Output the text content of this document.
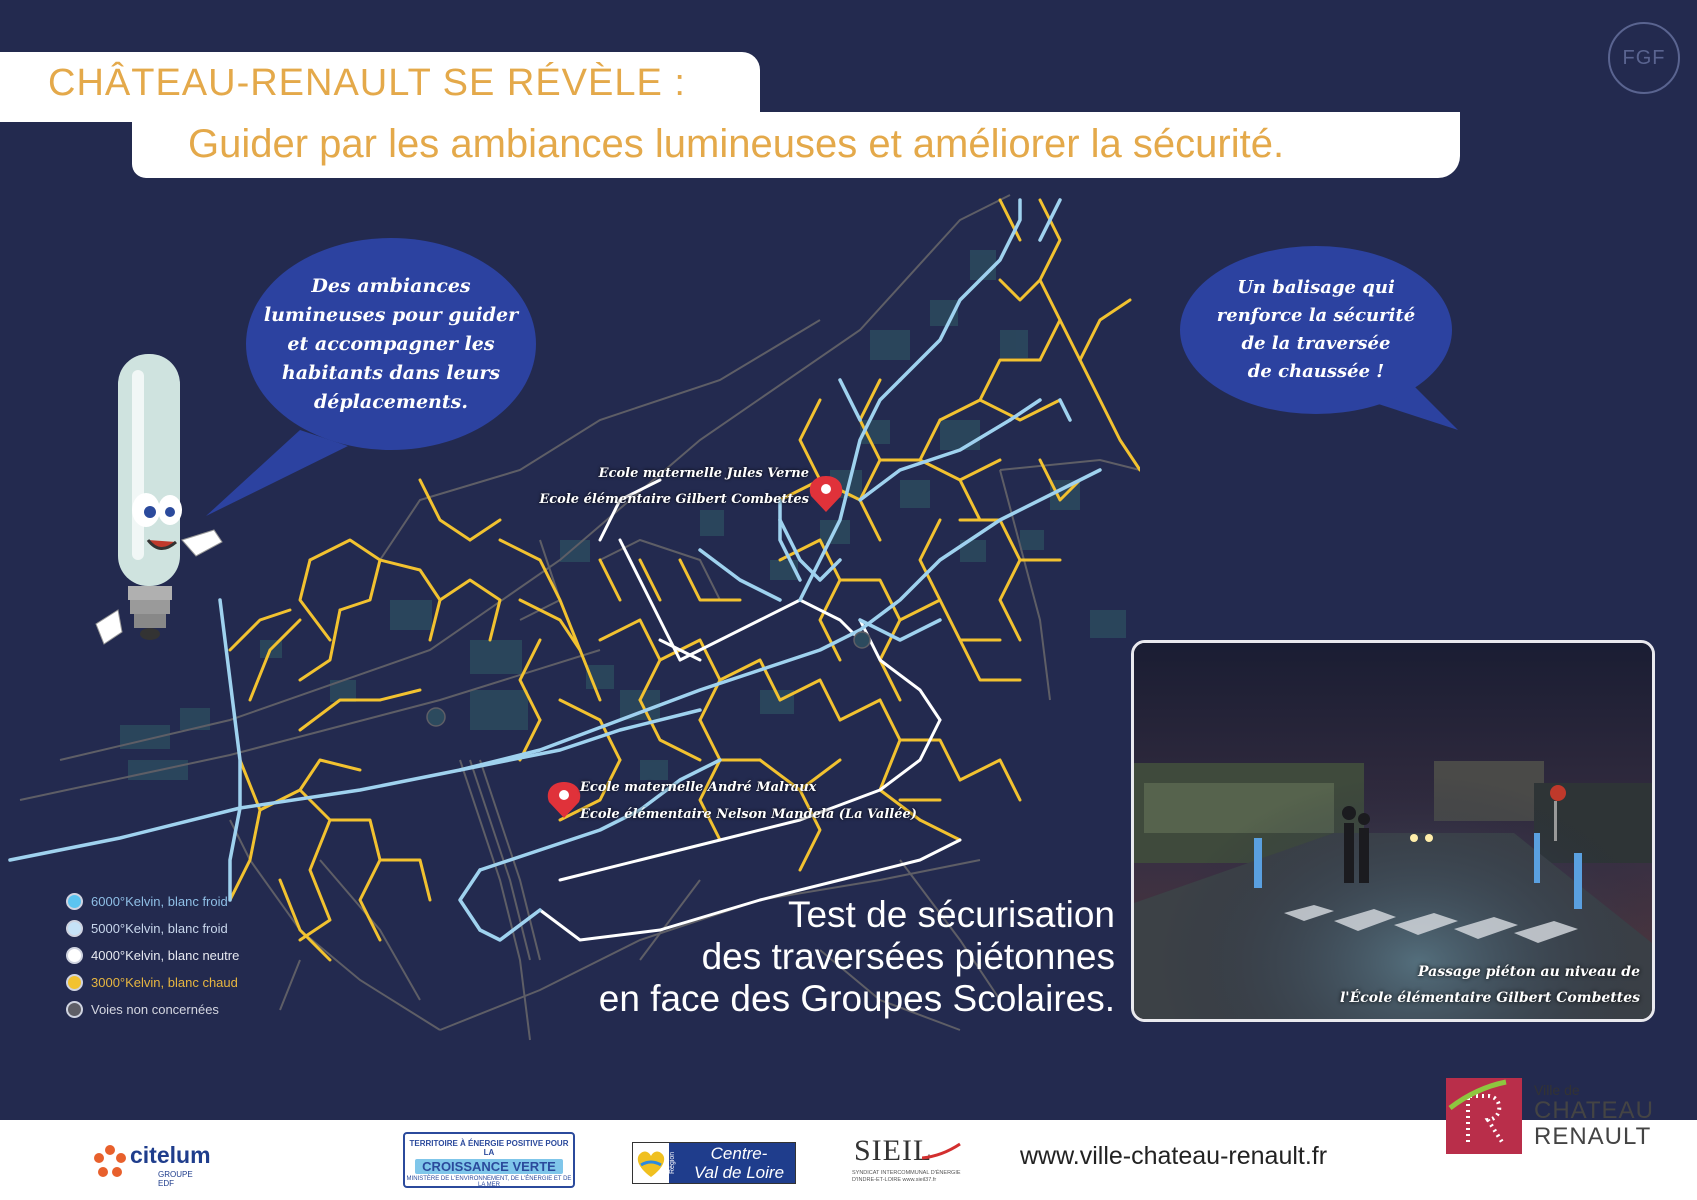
CHÂTEAU-RENAULT SE RÉVÈLE :
Guider par les ambiances lumineuses et améliorer la sécurité.
FGF
Des ambiances
lumineuses pour guider
et accompagner les
habitants dans leurs
déplacements.
Un balisage qui
renforce la sécurité
de la traversée
de chaussée !
Ecole maternelle Jules Verne
Ecole élémentaire Gilbert Combettes
Ecole maternelle André Malraux
Ecole élémentaire Nelson Mandela (La Vallée)
6000°Kelvin, blanc froid
5000°Kelvin, blanc froid
4000°Kelvin, blanc neutre
3000°Kelvin, blanc chaud
Voies non concernées
Test de sécurisation
des traversées piétonnes
en face des Groupes Scolaires.
Passage piéton au niveau de
l'École élémentaire Gilbert Combettes
citelum
GROUPE EDF
TERRITOIRE À ÉNERGIE POSITIVE POUR LA
CROISSANCE VERTE
MINISTÈRE DE L'ENVIRONNEMENT, DE L'ÉNERGIE ET DE LA MER
Région	Centre-
Val de Loire
SIEIL
SYNDICAT INTERCOMMUNAL D'ÉNERGIE D'INDRE-ET-LOIRE www.sieil37.fr
www.ville-chateau-renault.fr
Ville de
CHATEAU
RENAULT
